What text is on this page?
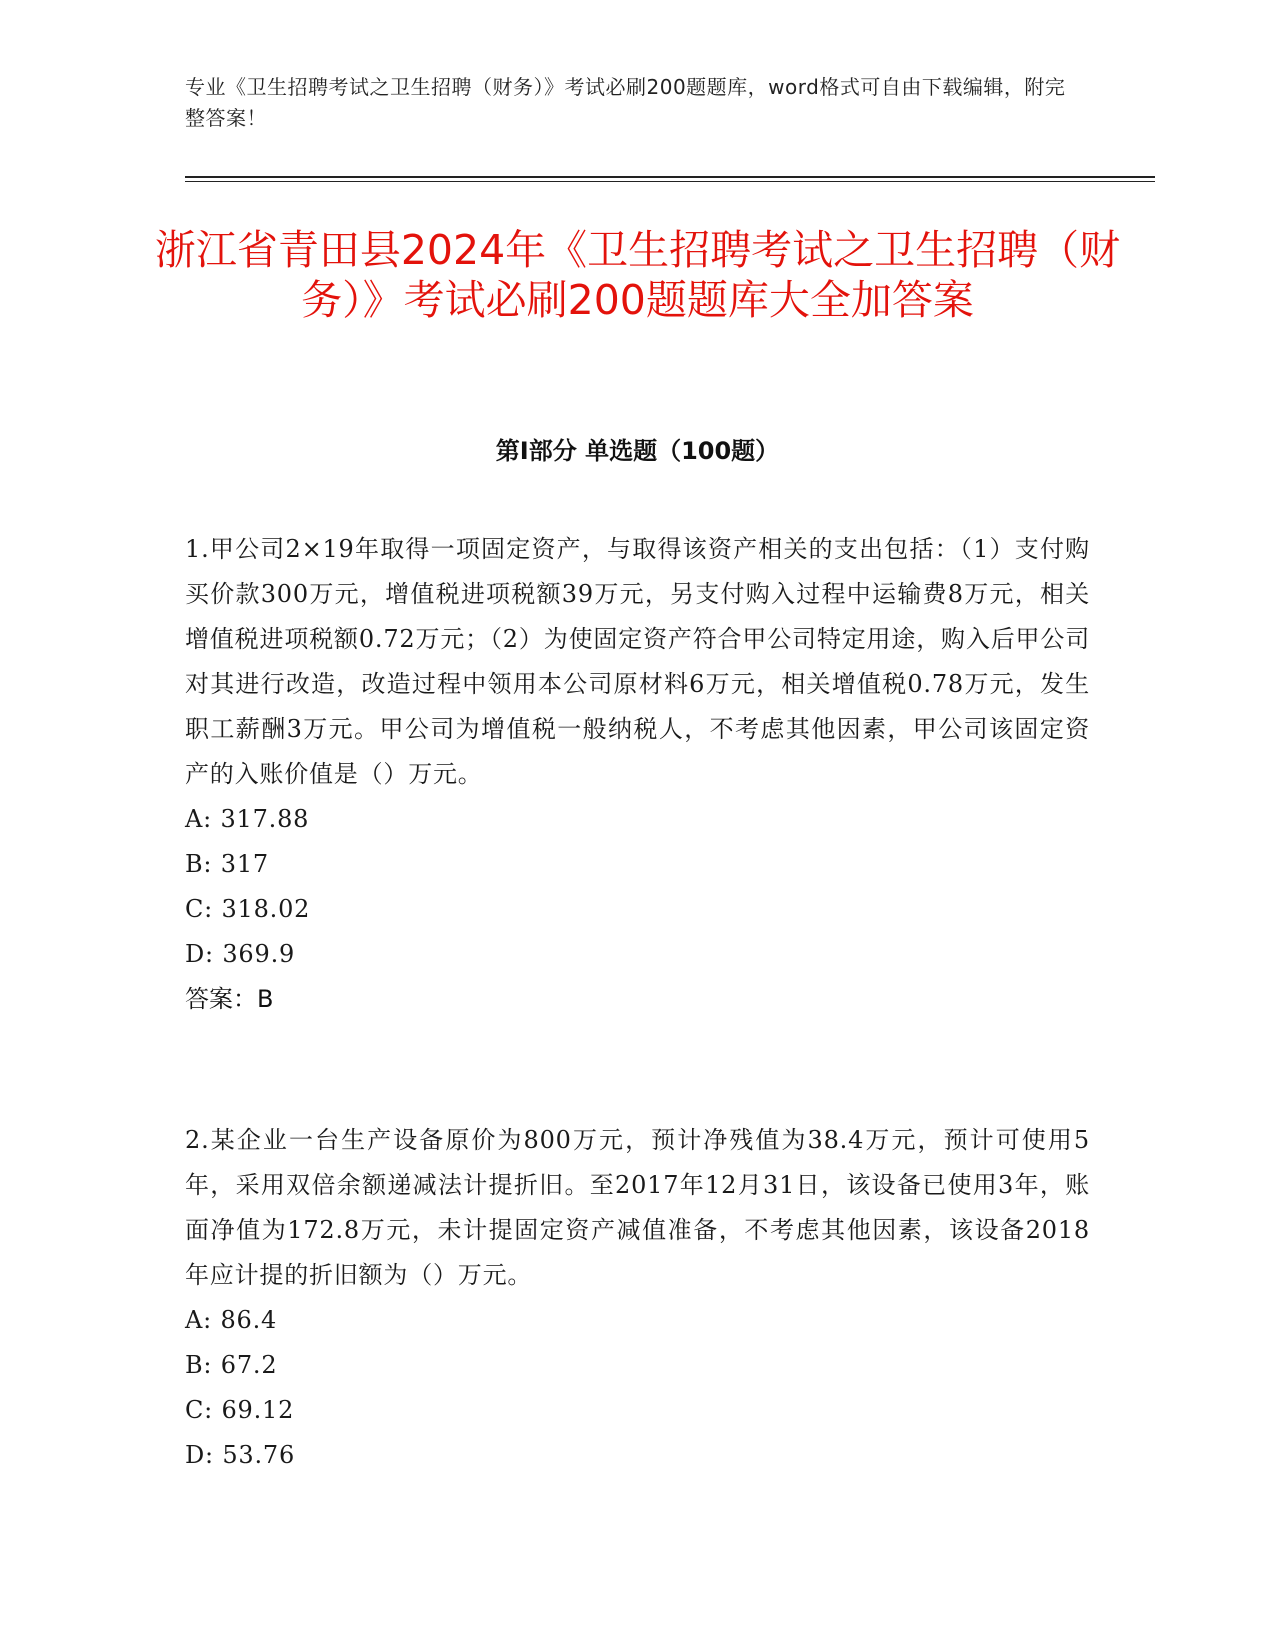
专业《卫生招聘考试之卫生招聘（财务）》考试必刷200题题库，word格式可自由下载编辑，附完整答案！
浙江省青田县2024年《卫生招聘考试之卫生招聘（财务）》考试必刷200题题库大全加答案
第I部分 单选题（100题）

1.甲公司2×19年取得一项固定资产，与取得该资产相关的支出包括：（1）支付购买价款300万元，增值税进项税额39万元，另支付购入过程中运输费8万元，相关增值税进项税额0.72万元；（2）为使固定资产符合甲公司特定用途，购入后甲公司对其进行改造，改造过程中领用本公司原材料6万元，相关增值税0.78万元，发生职工薪酬3万元。甲公司为增值税一般纳税人，不考虑其他因素，甲公司该固定资产的入账价值是（）万元。

A: 317.88

B: 317

C: 318.02

D: 369.9

答案：B

2.某企业一台生产设备原价为800万元，预计净残值为38.4万元，预计可使用5年，采用双倍余额递减法计提折旧。至2017年12月31日，该设备已使用3年，账面净值为172.8万元，未计提固定资产减值准备，不考虑其他因素，该设备2018年应计提的折旧额为（）万元。

A: 86.4

B: 67.2

C: 69.12

D: 53.76
